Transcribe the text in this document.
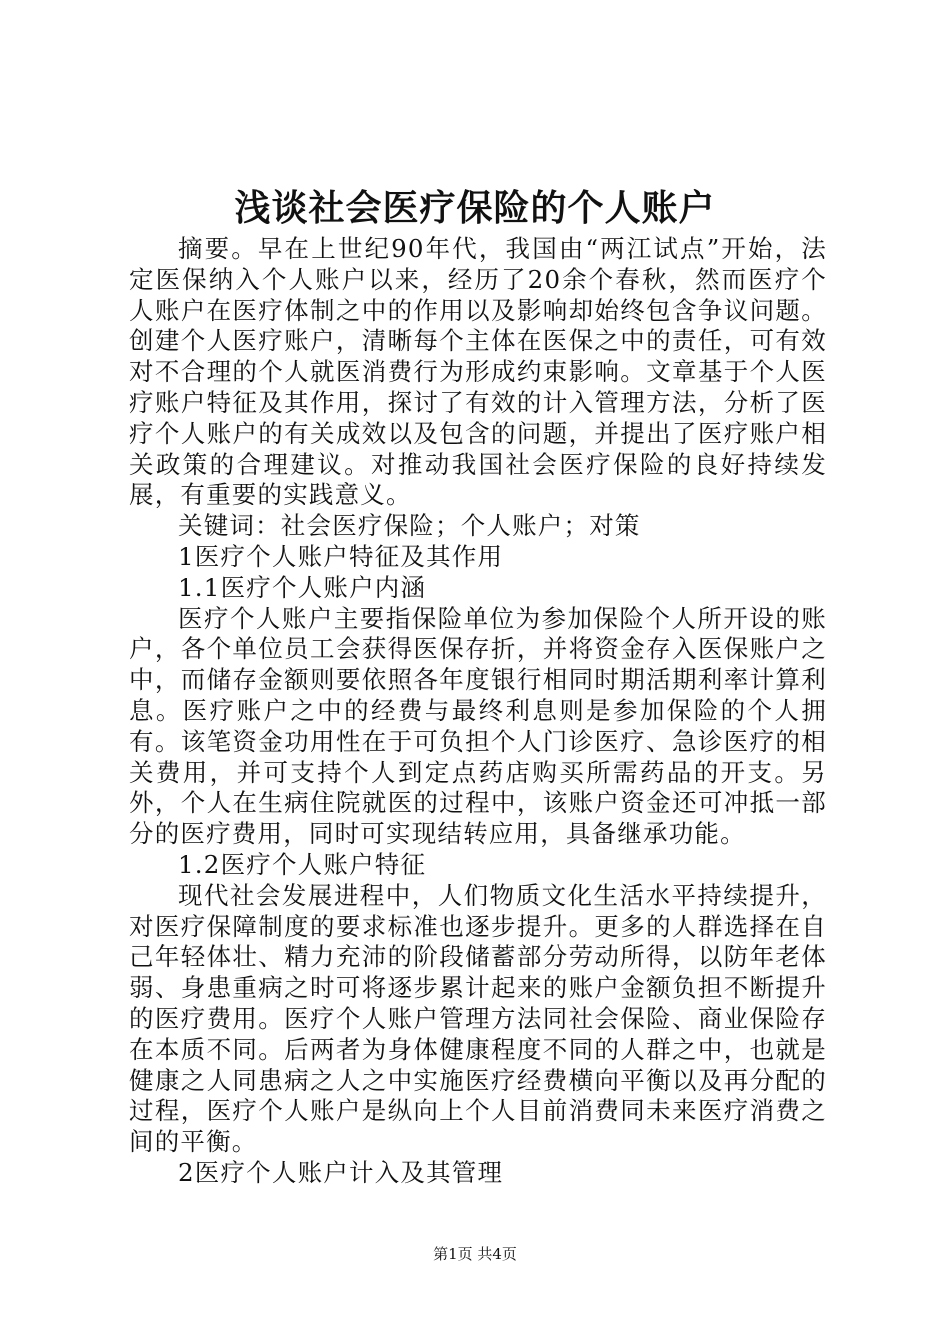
浅谈社会医疗保险的个人账户

摘要。早在上世纪90年代，我国由“两江试点”开始，法定医保纳入个人账户以来，经历了20余个春秋，然而医疗个人账户在医疗体制之中的作用以及影响却始终包含争议问题。创建个人医疗账户，清晰每个主体在医保之中的责任，可有效对不合理的个人就医消费行为形成约束影响。文章基于个人医疗账户特征及其作用，探讨了有效的计入管理方法，分析了医疗个人账户的有关成效以及包含的问题，并提出了医疗账户相关政策的合理建议。对推动我国社会医疗保险的良好持续发展，有重要的实践意义。

关键词：社会医疗保险；个人账户；对策

1医疗个人账户特征及其作用

1.1医疗个人账户内涵

医疗个人账户主要指保险单位为参加保险个人所开设的账户，各个单位员工会获得医保存折，并将资金存入医保账户之中，而储存金额则要依照各年度银行相同时期活期利率计算利息。医疗账户之中的经费与最终利息则是参加保险的个人拥有。该笔资金功用性在于可负担个人门诊医疗、急诊医疗的相关费用，并可支持个人到定点药店购买所需药品的开支。另外，个人在生病住院就医的过程中，该账户资金还可冲抵一部分的医疗费用，同时可实现结转应用，具备继承功能。

1.2医疗个人账户特征

现代社会发展进程中，人们物质文化生活水平持续提升，对医疗保障制度的要求标准也逐步提升。更多的人群选择在自己年轻体壮、精力充沛的阶段储蓄部分劳动所得，以防年老体弱、身患重病之时可将逐步累计起来的账户金额负担不断提升的医疗费用。医疗个人账户管理方法同社会保险、商业保险存在本质不同。后两者为身体健康程度不同的人群之中，也就是健康之人同患病之人之中实施医疗经费横向平衡以及再分配的过程，医疗个人账户是纵向上个人目前消费同未来医疗消费之间的平衡。

2医疗个人账户计入及其管理

第1页 共4页
